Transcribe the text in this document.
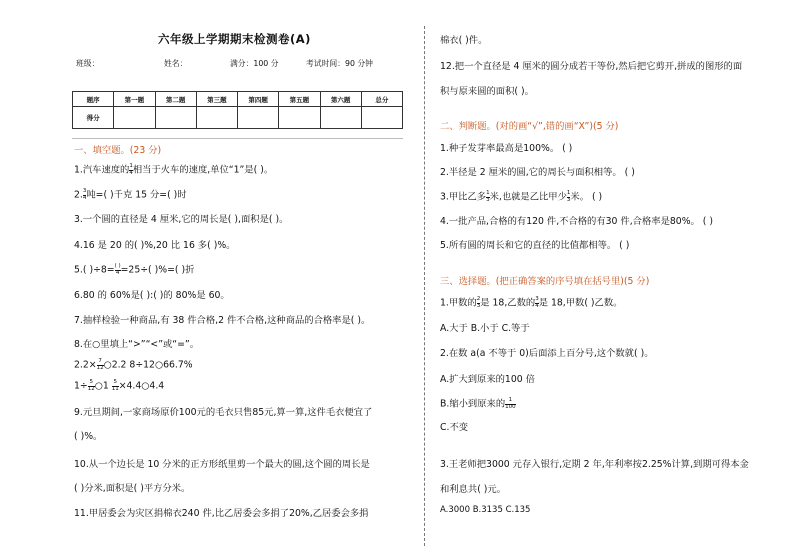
六年级上学期期末检测卷(A)
班级：	姓名：	满分：100 分	考试时间：90 分钟
题序	第一题	第二题	第三题	第四题	第五题	第六题	总分
得分							
一、填空题。(23 分)
1.汽车速度的 $\frac{1}{4}$ 相当于火车的速度,单位“1”是( )。
2. $\frac{3}{4}$ 吨=( )千克 15 分=( )时
3.一个圆的直径是 4 厘米,它的周长是( ),面积是( )。
4.16 是 20 的( )%,20 比 16 多( )%。
5.( )$\div 8= \frac{( )}{4} =25\div$( )%=( )折
6.80 的 60%是( ):( )的 80%是 60。
7.抽样检验一种商品,有 38 件合格,2 件不合格,这种商品的合格率是( )。
8.在○里填上“>”“<”或“=”。
$2.2\times \frac{7}{12}$ ○2.2 8÷12○66.7%
$1\div \frac{5}{12}$ ○1 $\frac{5}{11}$ ×4.4○4.4
9.元旦期间,一家商场原价100元的毛衣只售85元,算一算,这件毛衣便宜了
( )%。
10.从一个边长是 10 分米的正方形纸里剪一个最大的圆,这个圆的周长是
( )分米,面积是( )平方分米。
11.甲居委会为灾区捐棉衣240 件,比乙居委会多捐了20%,乙居委会多捐
棉衣( )件。
12.把一个直径是 4 厘米的圆分成若干等份,然后把它剪开,拼成的图形的面
积与原来圆的面积( )。
二、判断题。(对的画“√”,错的画“X”)(5 分)
1.种子发芽率最高是100%。 ( )
2.半径是 2 厘米的圆,它的周长与面积相等。 ( )
3.甲比乙多 $\frac{1}{3}$ 米,也就是乙比甲少 $\frac{1}{3}$ 米。 ( )
4.一批产品,合格的有120 件,不合格的有30 件,合格率是80%。 ( )
5.所有圆的周长和它的直径的比值都相等。 ( )
三、选择题。(把正确答案的序号填在括号里)(5 分)
1.甲数的 $\frac{2}{3}$ 是 18,乙数的 $\frac{3}{4}$ 是 18,甲数( )乙数。
A.大于 B.小于 C.等于
2.在数 a(a 不等于 0)后面添上百分号,这个数就( )。
A.扩大到原来的100 倍
B.缩小到原来的 $\frac{1}{100}$
C.不变
3.王老师把3000 元存入银行,定期 2 年,年利率按2.25%计算,到期可得本金
和利息共( )元。
A.3000 B.3135 C.135
